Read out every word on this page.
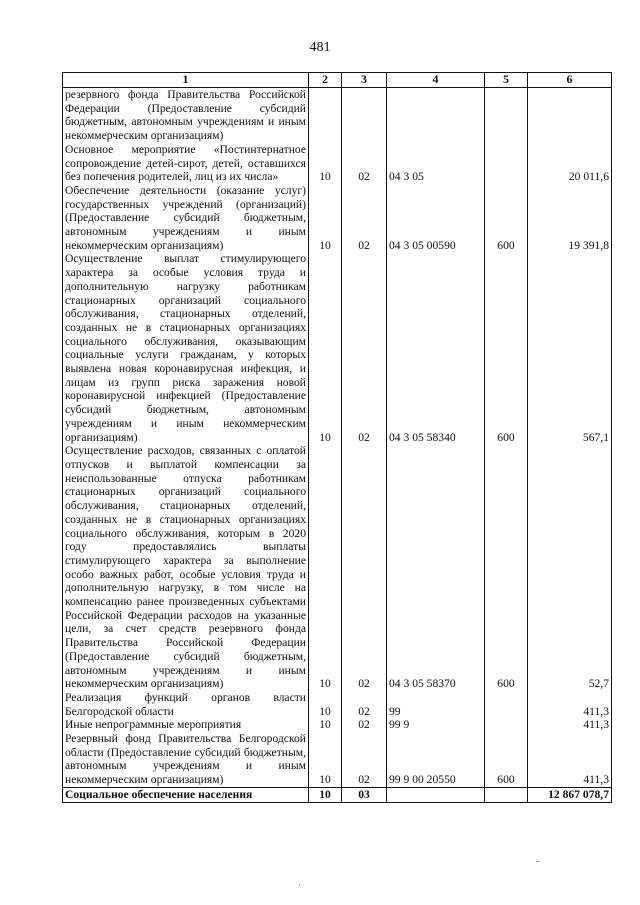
481
1	2	3	4	5	6
резервного фонда Правительства Российской Федерации (Предоставление субсидий бюджетным, автономным учреждениям и иным некоммерческим организациям)					
Основное мероприятие «Постинтернатное сопровождение детей-сирот, детей, оставшихся без попечения родителей, лиц из их числа»	10	02	04 3 05		20 011,6
Обеспечение деятельности (оказание услуг) государственных учреждений (организаций) (Предоставление субсидий бюджетным, автономным учреждениям и иным некоммерческим организациям)	10	02	04 3 05 00590	600	19 391,8
Осуществление выплат стимулирующего характера за особые условия труда и дополнительную нагрузку работникам стационарных организаций социального обслуживания, стационарных отделений, созданных не в стационарных организациях социального обслуживания, оказывающим социальные услуги гражданам, у которых выявлена новая коронавирусная инфекция, и лицам из групп риска заражения новой коронавирусной инфекцией (Предоставление субсидий бюджетным, автономным учреждениям и иным некоммерческим организациям)	10	02	04 3 05 58340	600	567,1
Осуществление расходов, связанных с оплатой отпусков и выплатой компенсации за неиспользованные отпуска работникам стационарных организаций социального обслуживания, стационарных отделений, созданных не в стационарных организациях социального обслуживания, которым в 2020 году предоставлялись выплаты стимулирующего характера за выполнение особо важных работ, особые условия труда и дополнительную нагрузку, в том числе на компенсацию ранее произведенных субъектами Российской Федерации расходов на указанные цели, за счет средств резервного фонда Правительства Российской Федерации (Предоставление субсидий бюджетным, автономным учреждениям и иным некоммерческим организациям)	10	02	04 3 05 58370	600	52,7
Реализация функций органов власти Белгородской области	10	02	99		411,3
Иные непрограммные мероприятия	10	02	99 9		411,3
Резервный фонд Правительства Белгородской области (Предоставление субсидий бюджетным, автономным учреждениям и иным некоммерческим организациям)	10	02	99 9 00 20550	600	411,3
Социальное обеспечение населения	10	03			12 867 078,7
·
–
